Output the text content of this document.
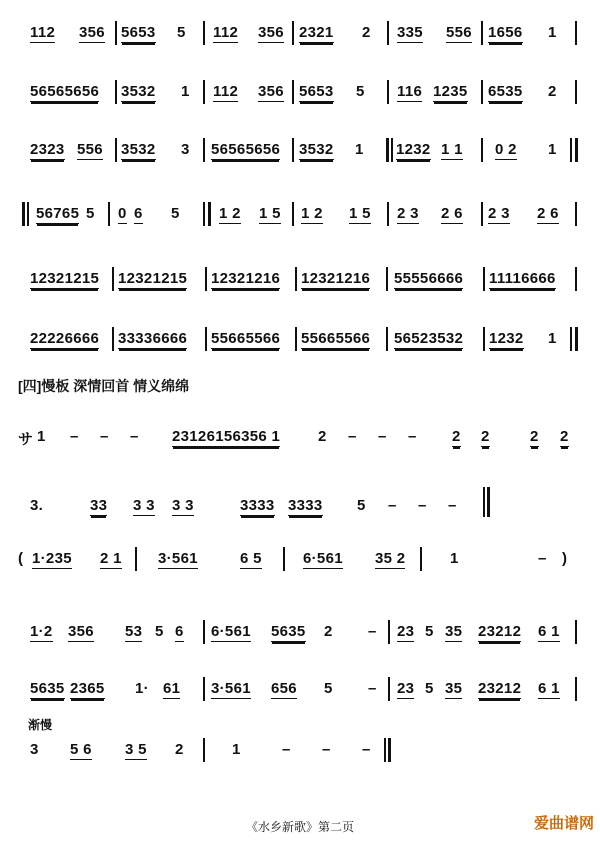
112 356 5653 5 112 356 2321 2 335 556 1656 1
56565656 3532 1 112 356 5653 5 116 1235 6535 2
2323 556 3532 3 56565656 3532 1 1232 1 1 0 2 1
56765 5 0 6 5	1 2 1 5 1 2 1 5 2 3 2 6 2 3 2 6
12321215 12321215 12321216 12321216 55556666 11116666
22226666 33336666 55665566 55665566 56523532 1232 1
[四]慢板 深情回首 情义绵绵
サ 1 – – – 23126156356 1	2 – – – 2 2	2 2
3.	33 3 3 3 3	3333 3333 5 – – –
( 1·235 2 1 3·561	6 5	6·561 35 2	1	– )
1·2 356 53 5 6 6·561 5635 2 – 23 5 35 23212 6 1
5635 2365 1· 61 3·561 656 5 – 23 5 35 23212 6 1
渐慢
3 5 6 3 5 2	1	– – –
《水乡新歌》第二页	爱曲谱网
